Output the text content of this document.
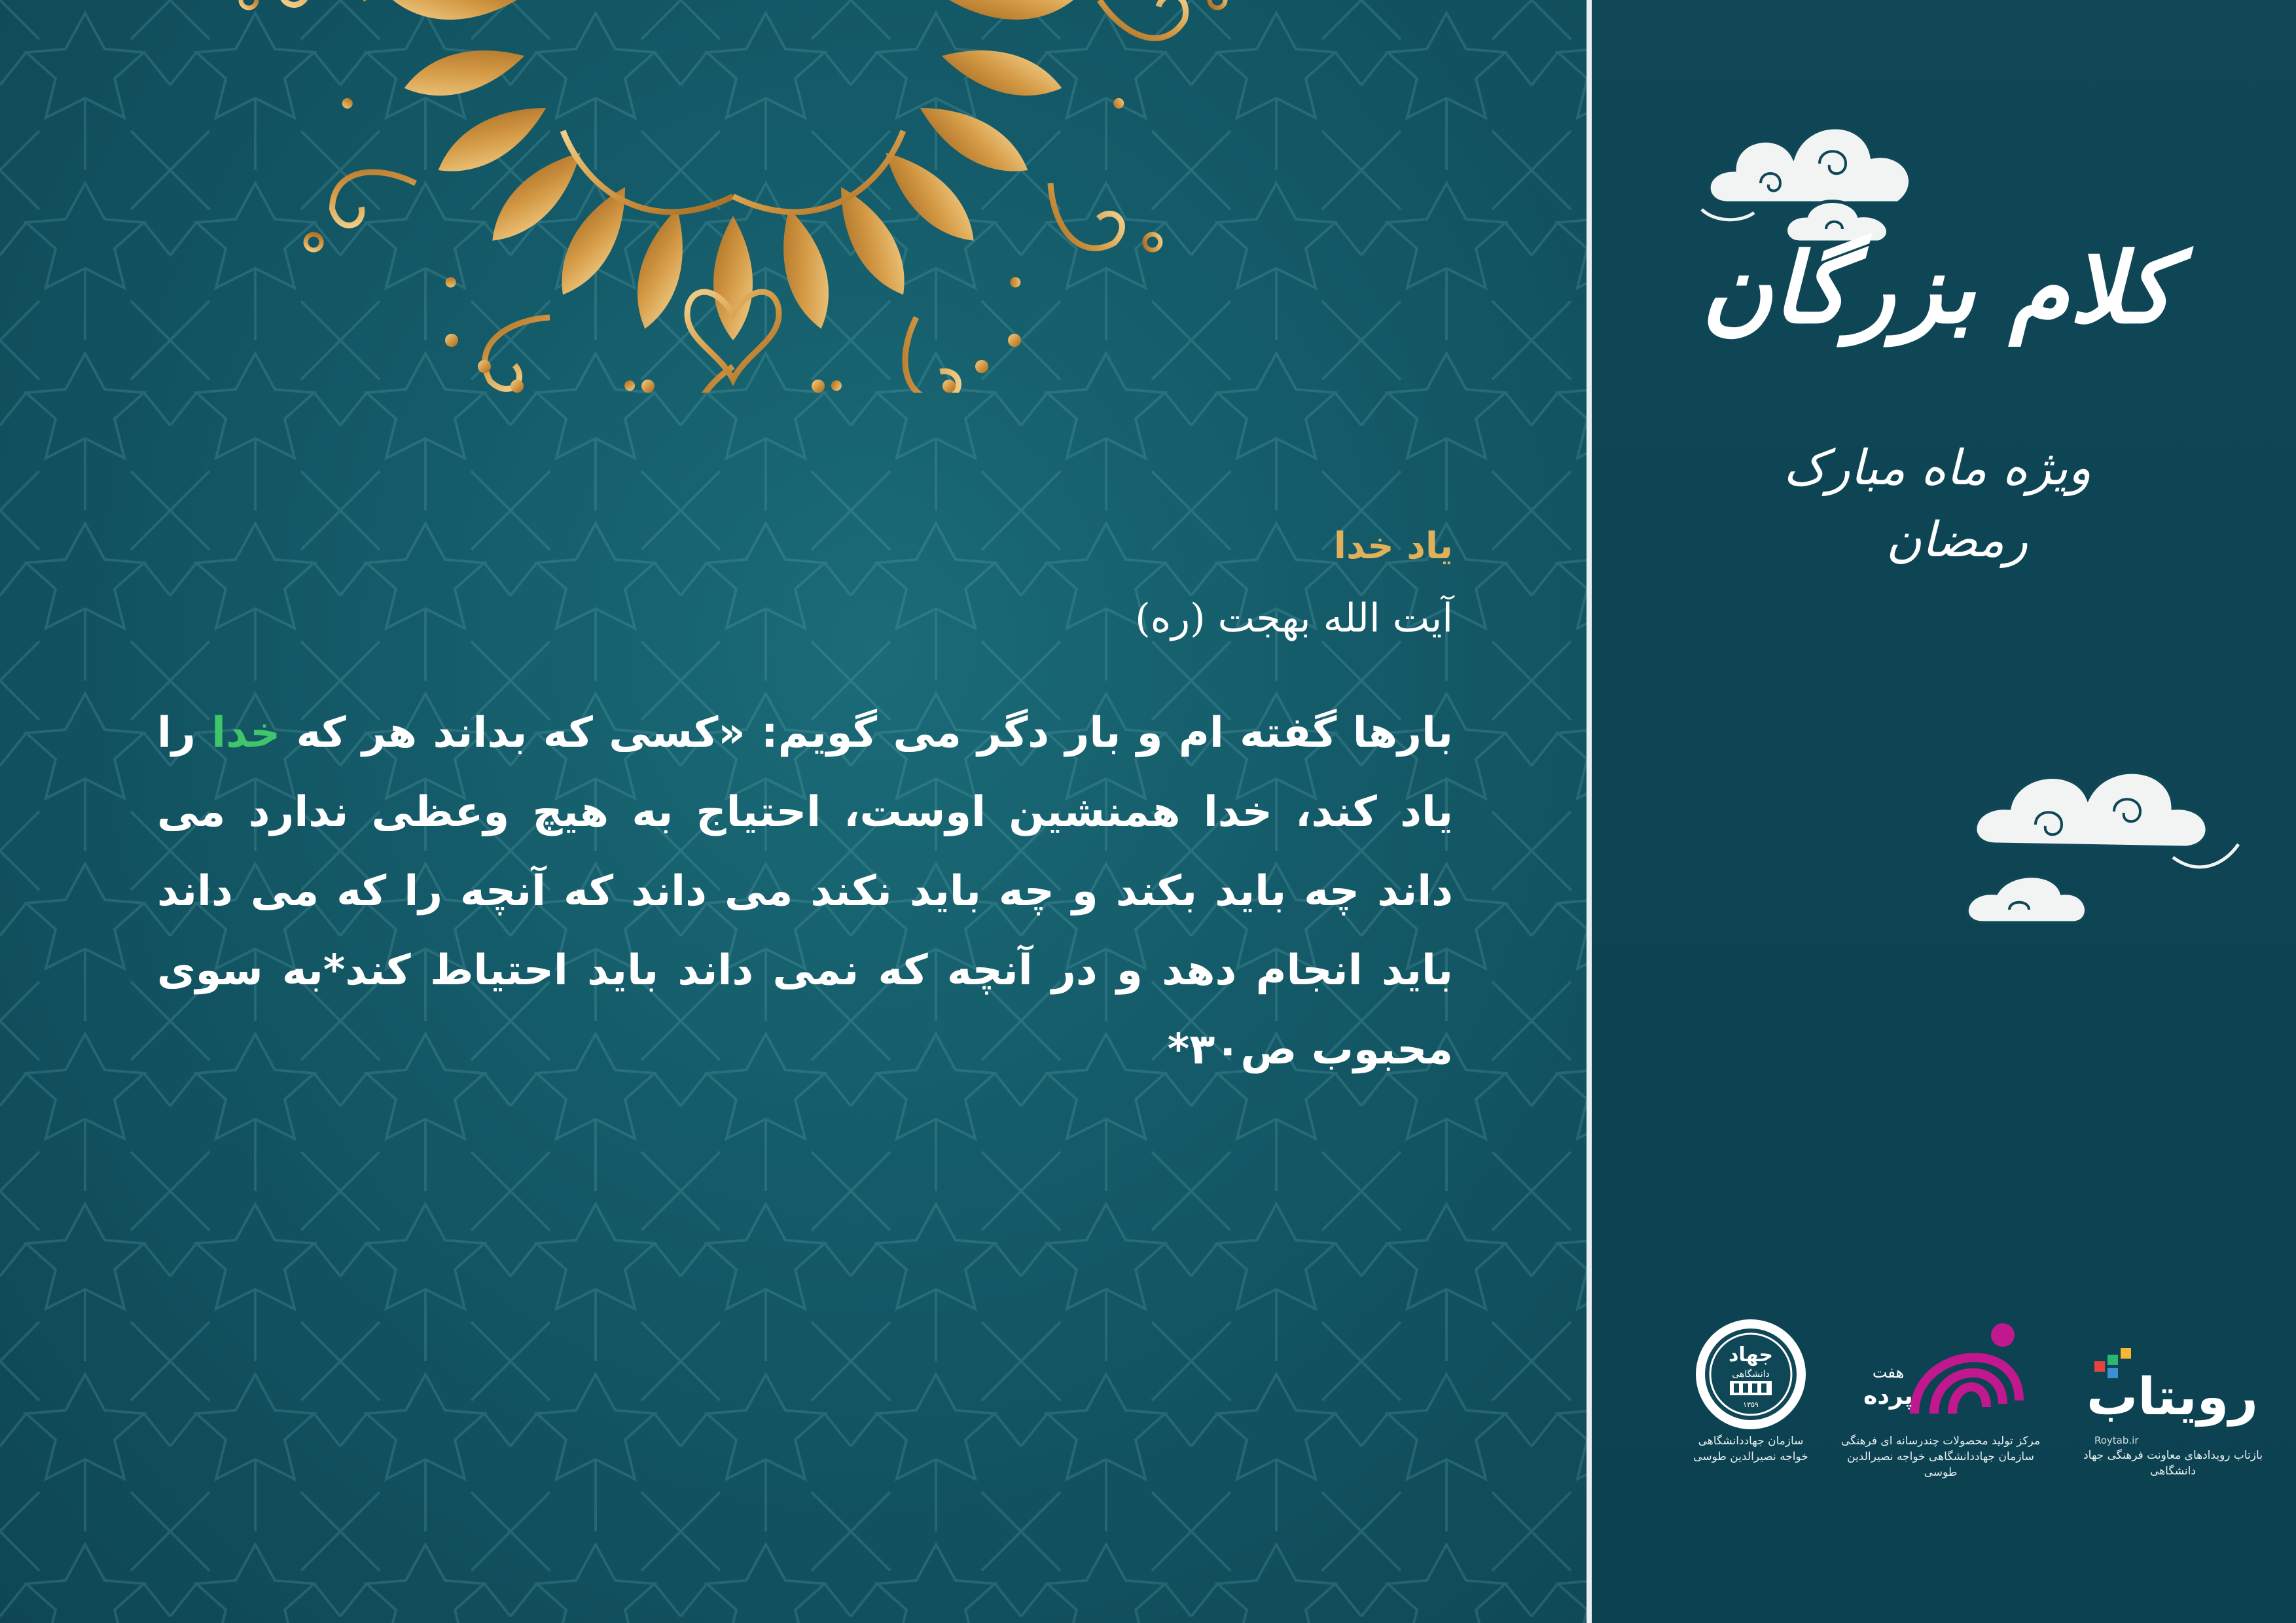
یاد خدا

آیت الله بهجت (ره)

بارها گفته ام و بار دگر می گویم: «کسی که بداند هر که خدا را یاد کند، خدا همنشین اوست، احتیاج به هیچ وعظی ندارد می داند چه باید بکند و چه باید نکند می داند که آنچه را که می داند باید انجام دهد و در آنچه که نمی داند باید احتیاط کند*به سوی محبوب ص۳۰*

کلام بزرگان

ویژه ماه مبارک

رمضان

جهاد
دانشگاهی
۱۳۵۹
سازمان جهاددانشگاهی
خواجه نصیرالدین طوسی
هفت
پرده
مرکز تولید محصولات چندرسانه ای فرهنگی
سازمان جهاددانشگاهی خواجه نصیرالدین طوسی
رویتاب
Roytab.ir
بازتاب رویدادهای معاونت فرهنگی جهاد دانشگاهی
